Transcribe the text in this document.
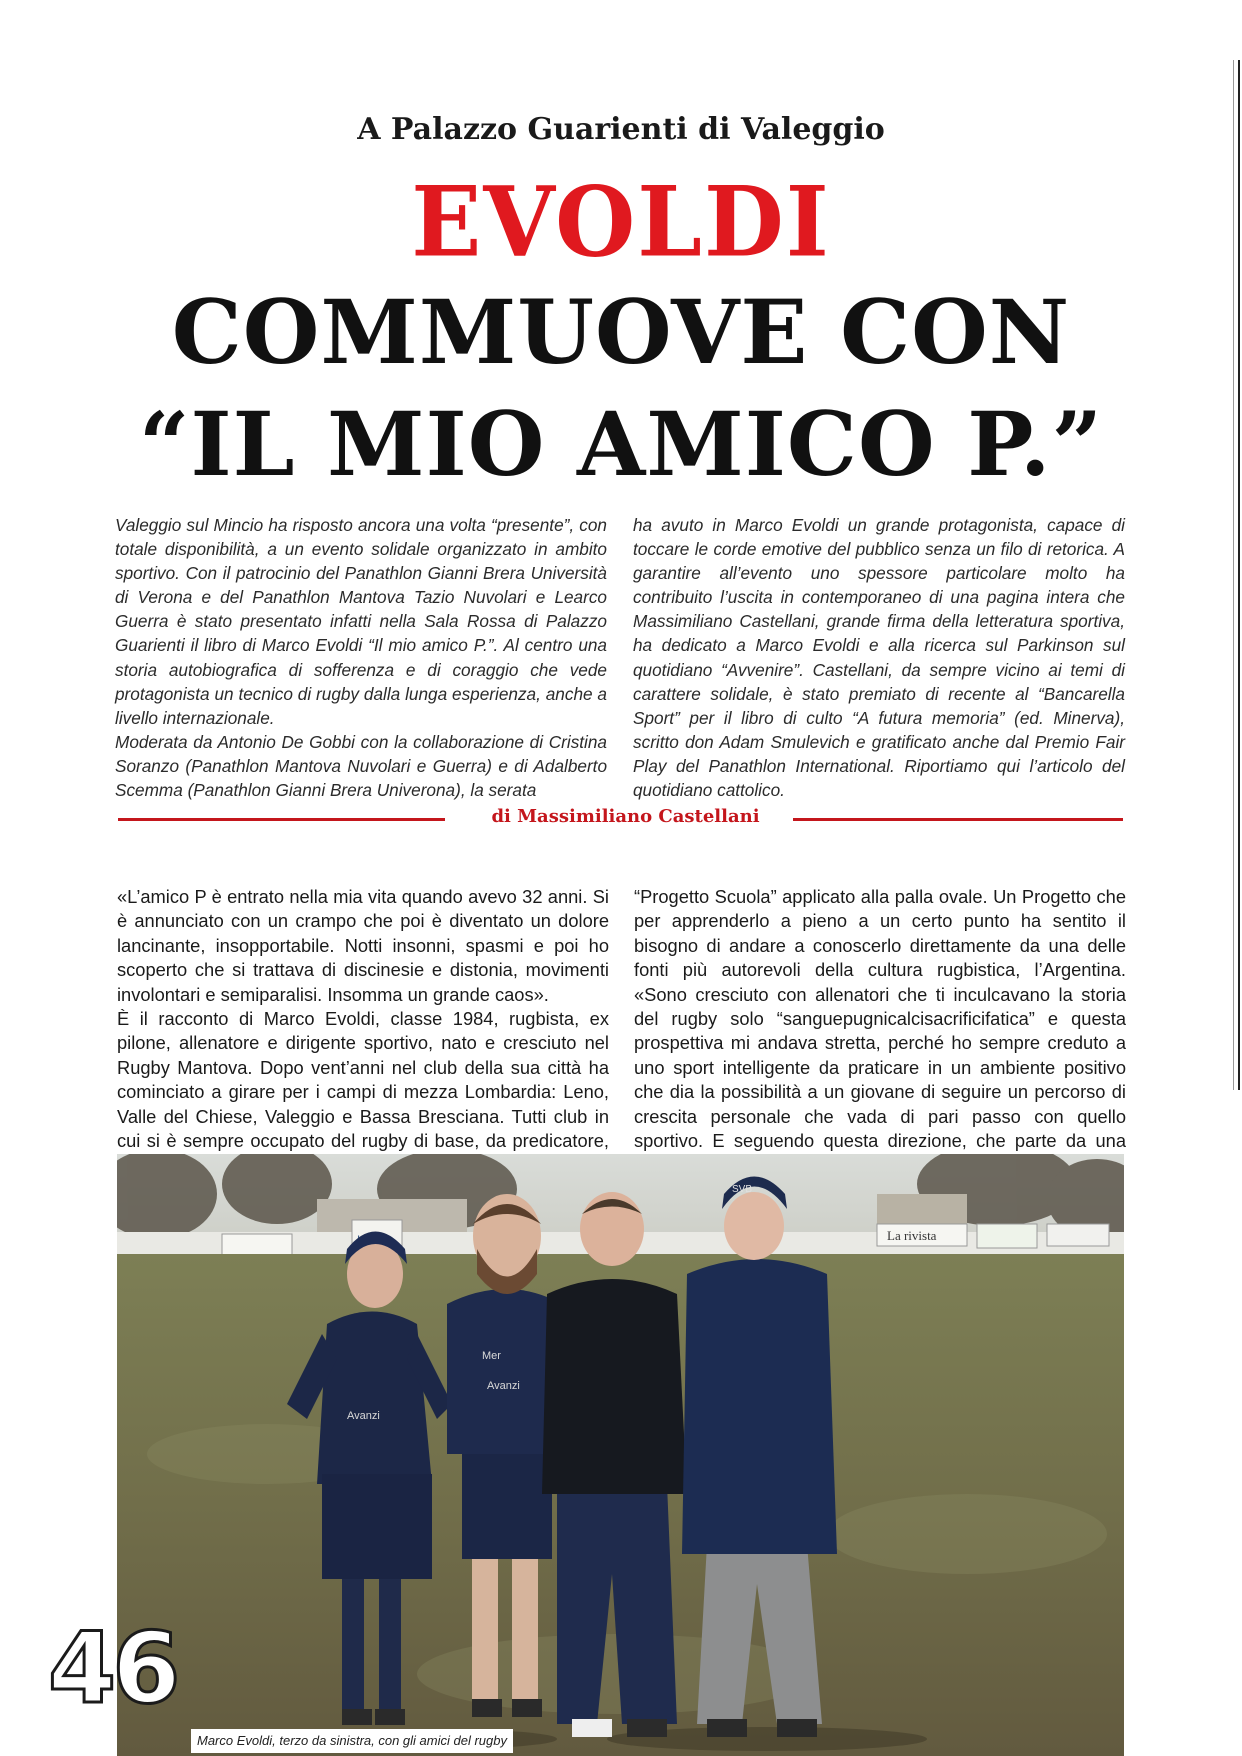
A Palazzo Guarienti di Valeggio
EVOLDI
COMMUOVE CON
“IL MIO AMICO P.”

Valeggio sul Mincio ha risposto ancora una volta “presente”, con totale disponibilità, a un evento solidale organizzato in ambito sportivo. Con il patrocinio del Panathlon Gianni Brera Università di Verona e del Panathlon Mantova Tazio Nuvolari e Learco Guerra è stato presentato infatti nella Sala Rossa di Palazzo Guarienti il libro di Marco Evoldi “Il mio amico P.”. Al centro una storia autobiografica di sofferenza e di coraggio che vede protagonista un tecnico di rugby dalla lunga esperienza, anche a livello internazionale.

Moderata da Antonio De Gobbi con la collaborazione di Cristina Soranzo (Panathlon Mantova Nuvolari e Guerra) e di Adalberto Scemma (Panathlon Gianni Brera Univerona), la serata

ha avuto in Marco Evoldi un grande protagonista, capace di toccare le corde emotive del pubblico senza un filo di retorica. A garantire all’evento uno spessore particolare molto ha contribuito l’uscita in contemporaneo di una pagina intera che Massimiliano Castellani, grande firma della letteratura sportiva, ha dedicato a Marco Evoldi e alla ricerca sul Parkinson sul quotidiano “Avvenire”. Castellani, da sempre vicino ai temi di carattere solidale, è stato premiato di recente al “Bancarella Sport” per il libro di culto “A futura memoria” (ed. Minerva), scritto don Adam Smulevich e gratificato anche dal Premio Fair Play del Panathlon International. Riportiamo qui l’articolo del quotidiano cattolico.

di Massimiliano Castellani

«L’amico P è entrato nella mia vita quando avevo 32 anni. Si è annunciato con un crampo che poi è diventato un dolore lancinante, insopportabile. Notti insonni, spasmi e poi ho scoperto che si trattava di discinesie e distonia, movimenti involontari e semiparalisi. Insomma un grande caos».

È il racconto di Marco Evoldi, classe 1984, rugbista, ex pilone, allenatore e dirigente sportivo, nato e cresciuto nel Rugby Mantova. Dopo vent’anni nel club della sua città ha cominciato a girare per i campi di mezza Lombardia: Leno, Valle del Chiese, Valeggio e Bassa Bresciana. Tutti club in cui si è sempre occupato del rugby di base, da predicatore,

“Progetto Scuola” applicato alla palla ovale. Un Progetto che per apprenderlo a pieno a un certo punto ha sentito il bisogno di andare a conoscerlo direttamente da una delle fonti più autorevoli della cultura rugbistica, l’Argentina. «Sono cresciuto con allenatori che ti inculcavano la storia del rugby solo “sanguepugnicalcisacrificifatica” e questa prospettiva mi andava stretta, perché ho sempre creduto a uno sport intelligente da praticare in un ambiente positivo che dia la possibilità a un giovane di seguire un percorso di crescita personale che vada di pari passo con quello sportivo. E seguendo questa direzione, che parte da una

La rivista
Avanzi
Mer
Avanzi
SVB
Marco Evoldi, terzo da sinistra, con gli amici del rugby
46
